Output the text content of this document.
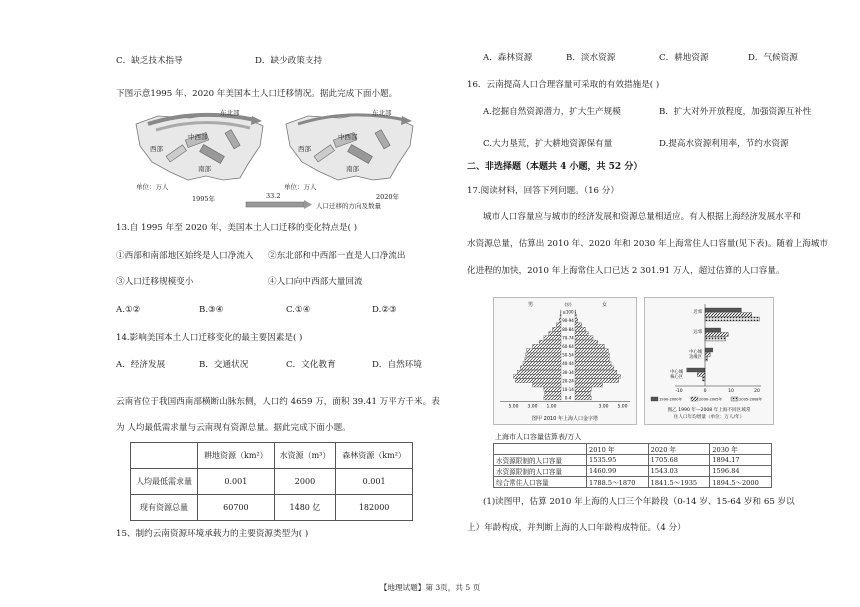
C．缺乏技术指导	D．缺少政策支持
下图示意1995 年、2020 年美国本土人口迁移情况。据此完成下面小题。
东北部
中西部
西部
南部
单位：万人
1995年
东北部
中西部
西部
南部
单位：万人
2020年
33.2
人口迁移的方向及数量
13.自 1995 年至 2020 年，美国本土人口迁移的变化特点是( )
①西部和南部地区始终是人口净流入 ②东北部和中西部一直是人口净流出
③人口迁移规模变小	④人口向中西部大量回流
A.①②	B.③④	C.①④	D.②③
14.影响美国本土人口迁移变化的最主要因素是( )
A．经济发展	B．交通状况	C．文化教育	D．自然环境
云南省位于我国西南部横断山脉东侧，人口约 4659 万，面积 39.41 万平方千米。表
为 人均最低需求量与云南现有资源总量。据此完成下面小题。
	耕地资源（km²）	水资源（m³）	森林资源（km²）
人均最低需求量	0.001	2000	0.001
现有资源总量	60700	1480 亿	182000
15、制约云南资源环境承载力的主要资源类型为( )
A．森林资源	B．淡水资源	C．耕地资源	D．气候资源
16．云南提高人口合理容量可采取的有效措施是( )
A.挖掘自然资源潜力，扩大生产规模	B．扩大对外开放程度，加强资源互补性
C.大力垦荒，扩大耕地资源保有量	D.提高水资源利用率，节约水资源
二、非选择题（本题共 4 小题，共 52 分）
17.阅读材料，回答下列问题。（16 分）
城市人口容量应与城市的经济发展和资源总量相适应。有人根据上海经济发展水平和
水资源总量，估算出 2010 年、2020 年和 2030 年上海常住人口容量(见下表)。随着上海城市
化进程的加快，2010 年上海常住人口已达 2 301.91 万人，超过估算的人口容量。
≥100
90-94
80-84
70-74
60-64
50-54
40-44
30-34
20-24
10-14
0-4
5.00 3.00 1.00	3.00 5.00
男	女
(岁)
图甲 2010 年上海人口金字塔
近郊
远郊
中心城
边缘区
中心城
核心区
-10	0	10	20
1990-2000年	2000-2005年	2005-2008年
图乙 1990 年—2008 年上海不同区域常
住人口年均增量（单位：万人/年）
上海市人口容量估算表/万人
	2010 年	2020 年	2030 年
水资源限制的人口容量	1535.95	1705.68	1894.17
水资源限制的人口容量	1460.99	1543.03	1596.84
综合常住人口容量	1788.5～1870	1841.5～1935	1894.5～2000
(1)读图甲，估算 2010 年上海的人口三个年龄段（0-14 岁、15-64 岁和 65 岁以
上）年龄构成，并判断上海的人口年龄构成特征。（4 分）
【地理试题】第 3页，共 5 页
